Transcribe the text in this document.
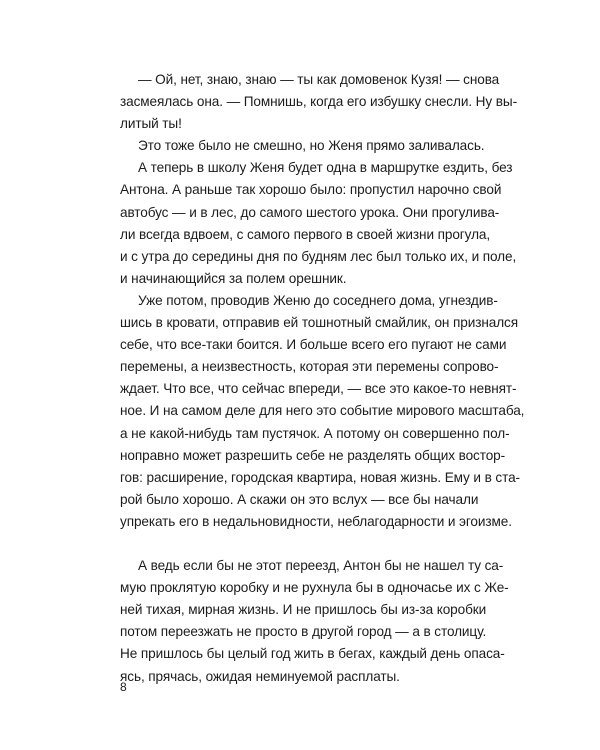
— Ой, нет, знаю, знаю — ты как домовенок Кузя! — снова
засмеялась она. — Помнишь, когда его избушку снесли. Ну вы-
литый ты!

Это тоже было не смешно, но Женя прямо заливалась.

А теперь в школу Женя будет одна в маршрутке ездить, без
Антона. А раньше так хорошо было: пропустил нарочно свой
автобус — и в лес, до самого шестого урока. Они прогулива-
ли всегда вдвоем, с самого первого в своей жизни прогула,
и с утра до середины дня по будням лес был только их, и поле,
и начинающийся за полем орешник.

Уже потом, проводив Женю до соседнего дома, угнездив-
шись в кровати, отправив ей тошнотный смайлик, он признался
себе, что все-таки боится. И больше всего его пугают не сами
перемены, а неизвестность, которая эти перемены сопрово-
ждает. Что все, что сейчас впереди, — все это какое-то невнят-
ное. И на самом деле для него это событие мирового масштаба,
а не какой-нибудь там пустячок. А потому он совершенно пол-
ноправно может разрешить себе не разделять общих востор-
гов: расширение, городская квартира, новая жизнь. Ему и в ста-
рой было хорошо. А скажи он это вслух — все бы начали
упрекать его в недальновидности, неблагодарности и эгоизме.

А ведь если бы не этот переезд, Антон бы не нашел ту са-
мую проклятую коробку и не рухнула бы в одночасье их с Же-
ней тихая, мирная жизнь. И не пришлось бы из-за коробки
потом переезжать не просто в другой город — а в столицу.
Не пришлось бы целый год жить в бегах, каждый день опаса-
ясь, прячась, ожидая неминуемой расплаты.

8
